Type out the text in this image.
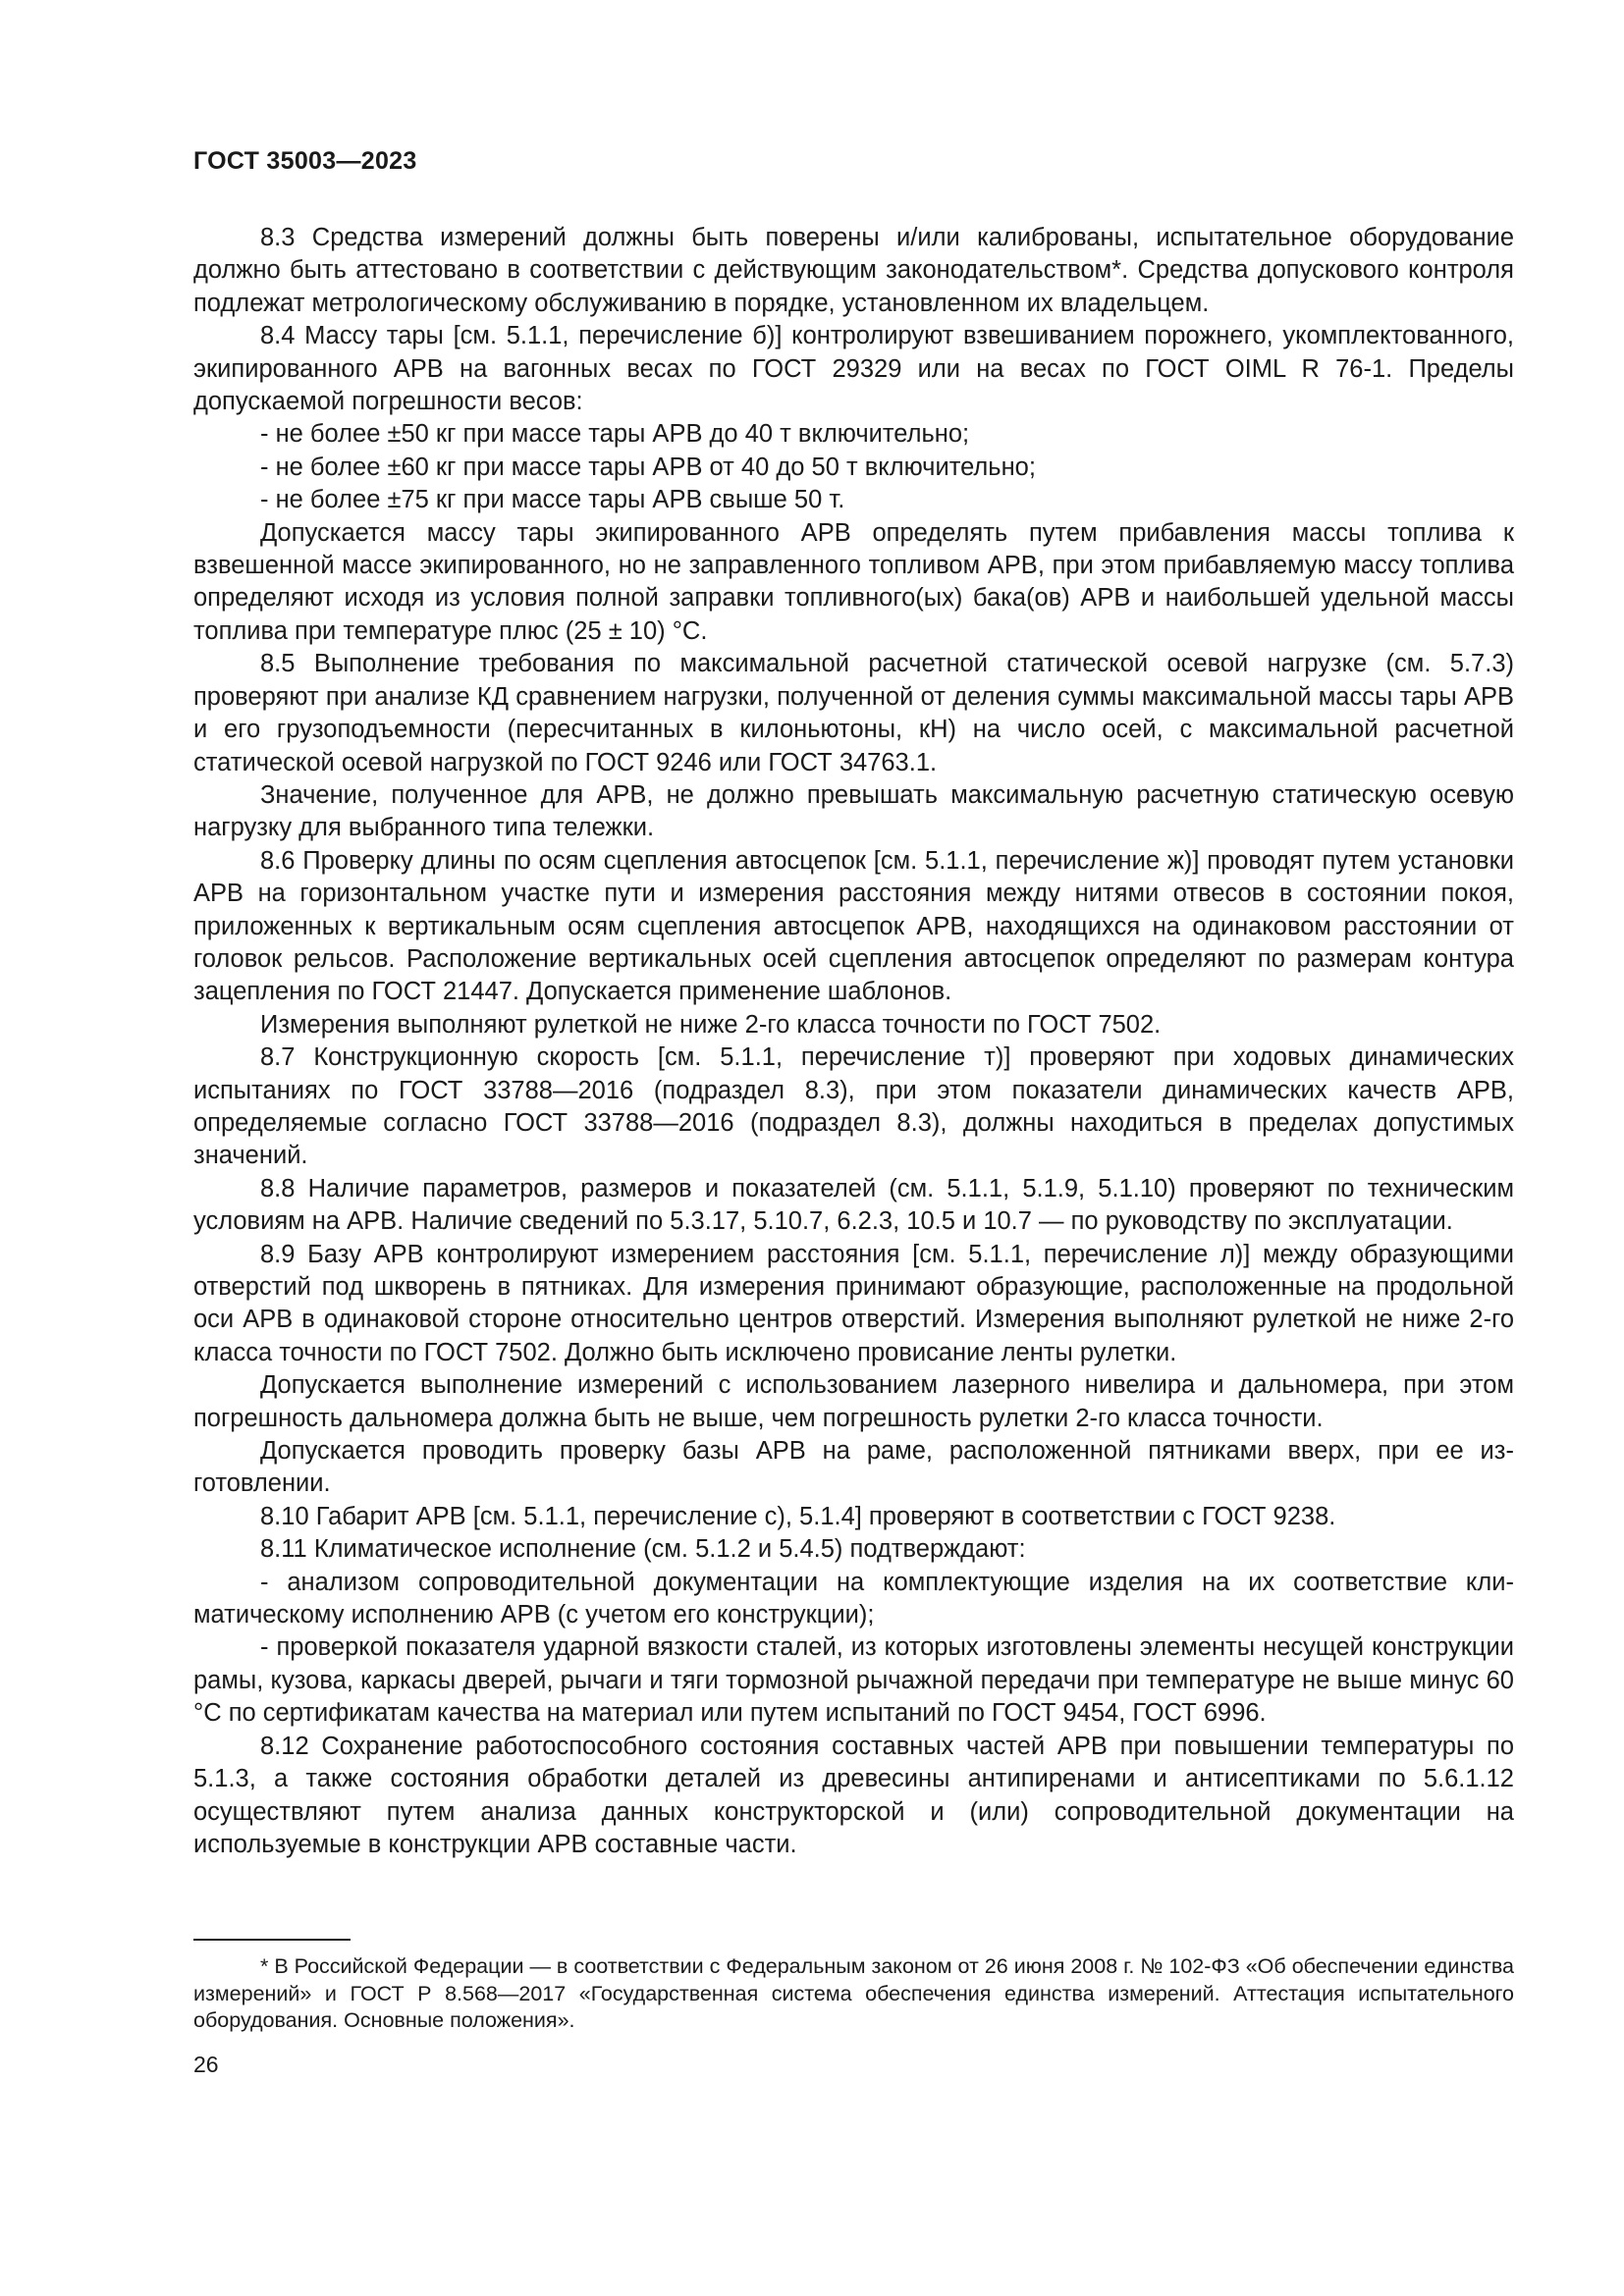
ГОСТ 35003—2023

8.3 Средства измерений должны быть поверены и/или калиброваны, испытательное оборудование должно быть аттестовано в соответствии с действующим законодательством*. Средства допускового контроля подлежат метрологическому обслуживанию в порядке, установленном их владельцем.

8.4 Массу тары [см. 5.1.1, перечисление б)] контролируют взвешиванием порожнего, укомплектованного, экипированного АРВ на вагонных весах по ГОСТ 29329 или на весах по ГОСТ OIML R 76-1. Пределы допускаемой погрешности весов:

- не более ±50 кг при массе тары АРВ до 40 т включительно;

- не более ±60 кг при массе тары АРВ от 40 до 50 т включительно;

- не более ±75 кг при массе тары АРВ свыше 50 т.

Допускается массу тары экипированного АРВ определять путем прибавления массы топлива к взвешенной массе экипированного, но не заправленного топливом АРВ, при этом прибавляемую массу топлива определяют исходя из условия полной заправки топливного(ых) бака(ов) АРВ и наибольшей удельной массы топлива при температуре плюс (25 ± 10) °С.

8.5 Выполнение требования по максимальной расчетной статической осевой нагрузке (см. 5.7.3) проверяют при анализе КД сравнением нагрузки, полученной от деления суммы максимальной массы тары АРВ и его грузоподъемности (пересчитанных в килоньютоны, кН) на число осей, с максимальной расчетной статической осевой нагрузкой по ГОСТ 9246 или ГОСТ 34763.1.

Значение, полученное для АРВ, не должно превышать максимальную расчетную статическую осевую нагрузку для выбранного типа тележки.

8.6 Проверку длины по осям сцепления автосцепок [см. 5.1.1, перечисление ж)] проводят путем установки АРВ на горизонтальном участке пути и измерения расстояния между нитями отвесов в состоянии покоя, приложенных к вертикальным осям сцепления автосцепок АРВ, находящихся на одинаковом расстоянии от головок рельсов. Расположение вертикальных осей сцепления автосцепок определяют по размерам контура зацепления по ГОСТ 21447. Допускается применение шаблонов.

Измерения выполняют рулеткой не ниже 2-го класса точности по ГОСТ 7502.

8.7 Конструкционную скорость [см. 5.1.1, перечисление т)] проверяют при ходовых динамических испытаниях по ГОСТ 33788—2016 (подраздел 8.3), при этом показатели динамических качеств АРВ, определяемые согласно ГОСТ 33788—2016 (подраздел 8.3), должны находиться в пределах допустимых значений.

8.8 Наличие параметров, размеров и показателей (см. 5.1.1, 5.1.9, 5.1.10) проверяют по техническим условиям на АРВ. Наличие сведений по 5.3.17, 5.10.7, 6.2.3, 10.5 и 10.7 — по руководству по эксплуатации.

8.9 Базу АРВ контролируют измерением расстояния [см. 5.1.1, перечисление л)] между образующими отверстий под шкворень в пятниках. Для измерения принимают образующие, расположенные на продольной оси АРВ в одинаковой стороне относительно центров отверстий. Измерения выполняют рулеткой не ниже 2-го класса точности по ГОСТ 7502. Должно быть исключено провисание ленты рулетки.

Допускается выполнение измерений с использованием лазерного нивелира и дальномера, при этом погрешность дальномера должна быть не выше, чем погрешность рулетки 2-го класса точности.

Допускается проводить проверку базы АРВ на раме, расположенной пятниками вверх, при ее изготовлении.

8.10 Габарит АРВ [см. 5.1.1, перечисление с), 5.1.4] проверяют в соответствии с ГОСТ 9238.

8.11 Климатическое исполнение (см. 5.1.2 и 5.4.5) подтверждают:

- анализом сопроводительной документации на комплектующие изделия на их соответствие климатическому исполнению АРВ (с учетом его конструкции);

- проверкой показателя ударной вязкости сталей, из которых изготовлены элементы несущей конструкции рамы, кузова, каркасы дверей, рычаги и тяги тормозной рычажной передачи при температуре не выше минус 60 °С по сертификатам качества на материал или путем испытаний по ГОСТ 9454, ГОСТ 6996.

8.12 Сохранение работоспособного состояния составных частей АРВ при повышении температуры по 5.1.3, а также состояния обработки деталей из древесины антипиренами и антисептиками по 5.6.1.12 осуществляют путем анализа данных конструкторской и (или) сопроводительной документации на используемые в конструкции АРВ составные части.

* В Российской Федерации — в соответствии с Федеральным законом от 26 июня 2008 г. № 102-ФЗ «Об обеспечении единства измерений» и ГОСТ Р 8.568—2017 «Государственная система обеспечения единства измерений. Аттестация испытательного оборудования. Основные положения».

26
